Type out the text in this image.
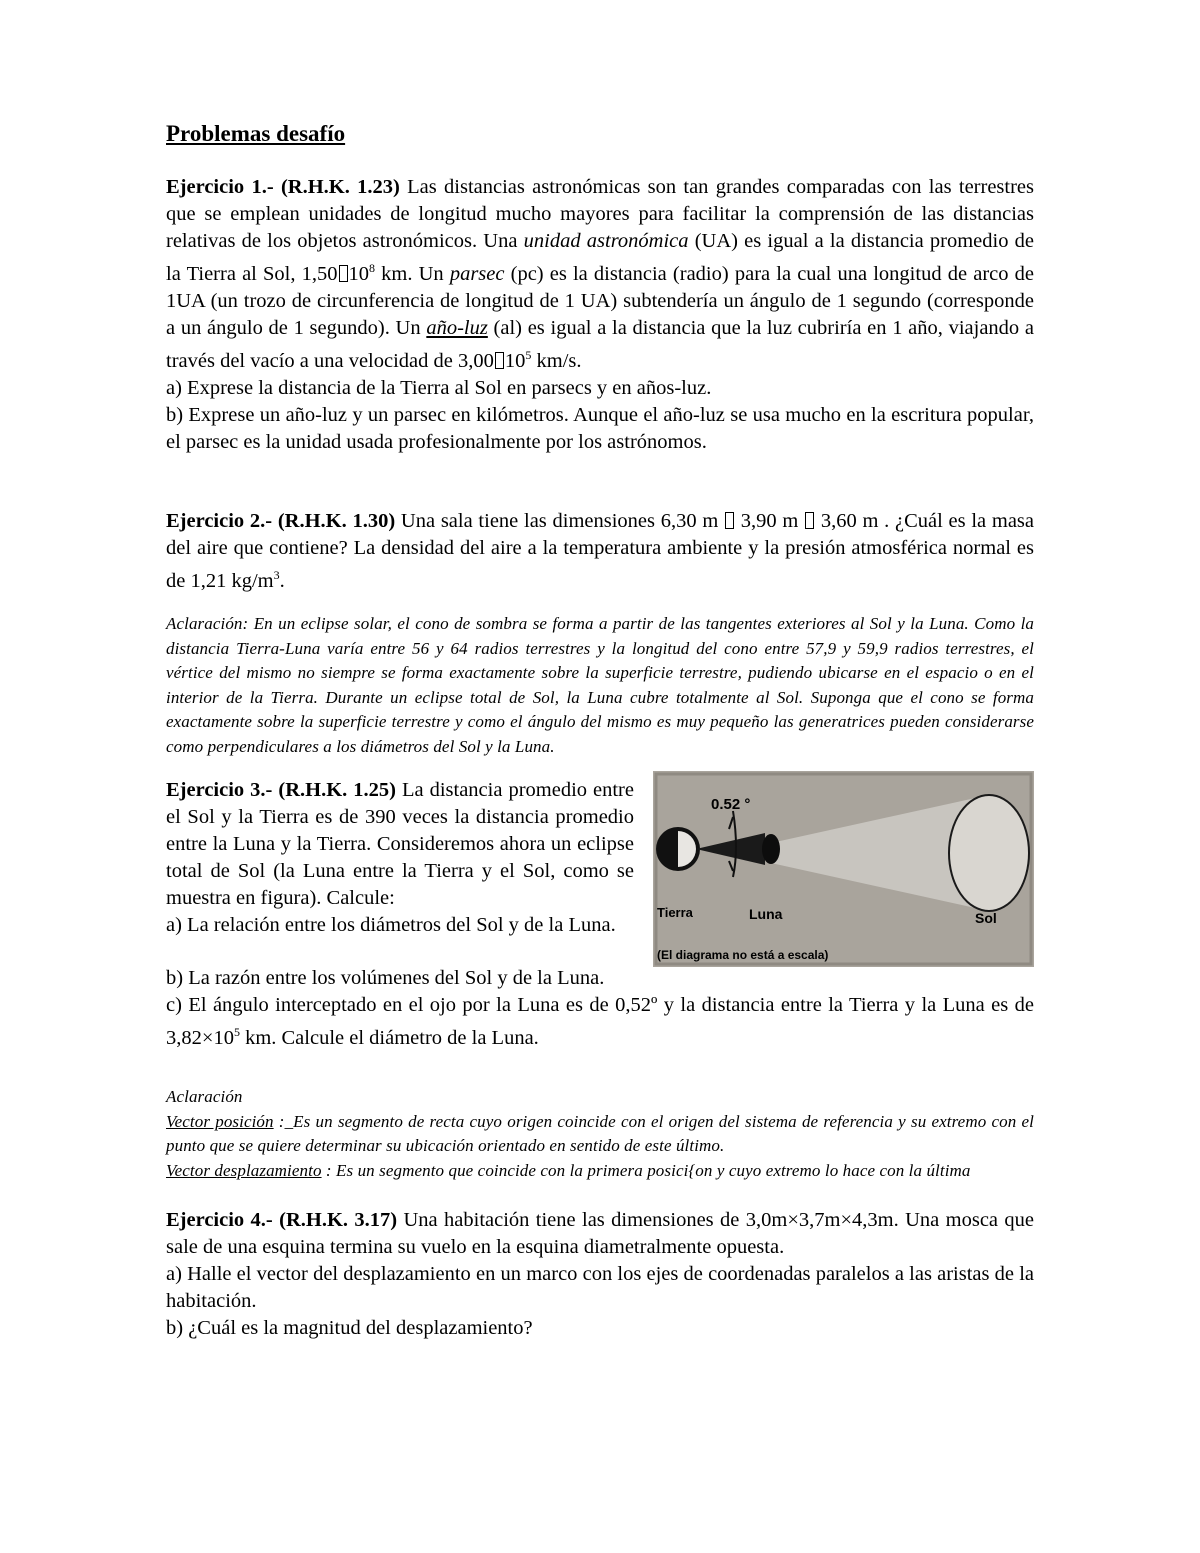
Problemas desafío

Ejercicio 1.- (R.H.K. 1.23) Las distancias astronómicas son tan grandes comparadas con las terrestres que se emplean unidades de longitud mucho mayores para facilitar la comprensión de las distancias relativas de los objetos astronómicos. Una unidad astronómica (UA) es igual a la distancia promedio de la Tierra al Sol, 1,50 $10^8$ km. Un parsec (pc) es la distancia (radio) para la cual una longitud de arco de 1UA (un trozo de circunferencia de longitud de 1 UA) subtendería un ángulo de 1 segundo (corresponde a un ángulo de 1 segundo). Un año-luz (al) es igual a la distancia que la luz cubriría en 1 año, viajando a través del vacío a una velocidad de 3,00 $10^5$ km/s.

a) Exprese la distancia de la Tierra al Sol en parsecs y en años-luz.

b) Exprese un año-luz y un parsec en kilómetros. Aunque el año-luz se usa mucho en la escritura popular, el parsec es la unidad usada profesionalmente por los astrónomos.

Ejercicio 2.- (R.H.K. 1.30) Una sala tiene las dimensiones 6,30 m  3,90 m  3,60 m . ¿Cuál es la masa del aire que contiene? La densidad del aire a la temperatura ambiente y la presión atmosférica normal es de 1,21 $kg/m^3$.

Aclaración: En un eclipse solar, el cono de sombra se forma a partir de las tangentes exteriores al Sol y la Luna. Como la distancia Tierra-Luna varía entre 56 y 64 radios terrestres y la longitud del cono entre 57,9 y 59,9 radios terrestres, el vértice del mismo no siempre se forma exactamente sobre la superficie terrestre, pudiendo ubicarse en el espacio o en el interior de la Tierra. Durante un eclipse total de Sol, la Luna cubre totalmente al Sol. Suponga que el cono se forma exactamente sobre la superficie terrestre y como el ángulo del mismo es muy pequeño las generatrices pueden considerarse como perpendiculares a los diámetros del Sol y la Luna.

Ejercicio 3.- (R.H.K. 1.25) La distancia promedio entre el Sol y la Tierra es de 390 veces la distancia promedio entre la Luna y la Tierra. Consideremos ahora un eclipse total de Sol (la Luna entre la Tierra y el Sol, como se muestra en figura). Calcule:

a) La relación entre los diámetros del Sol y de la Luna.

0.52 °
Tierra	Luna	Sol
(El diagrama no está a escala)

b) La razón entre los volúmenes del Sol y de la Luna.

c) El ángulo interceptado en el ojo por la Luna es de 0,52º y la distancia entre la Tierra y la Luna es de $3,82\times 10^5$ km. Calcule el diámetro de la Luna.

Aclaración

Vector posición :_Es un segmento de recta cuyo origen coincide con el origen del sistema de referencia y su extremo con el punto que se quiere determinar su ubicación orientado en sentido de este último.

Vector desplazamiento : Es un segmento que coincide con la primera posici{on y cuyo extremo lo hace con la última

Ejercicio 4.- (R.H.K. 3.17) Una habitación tiene las dimensiones de 3,0m×3,7m×4,3m. Una mosca que sale de una esquina termina su vuelo en la esquina diametralmente opuesta.

a) Halle el vector del desplazamiento en un marco con los ejes de coordenadas paralelos a las aristas de la habitación.

b) ¿Cuál es la magnitud del desplazamiento?
